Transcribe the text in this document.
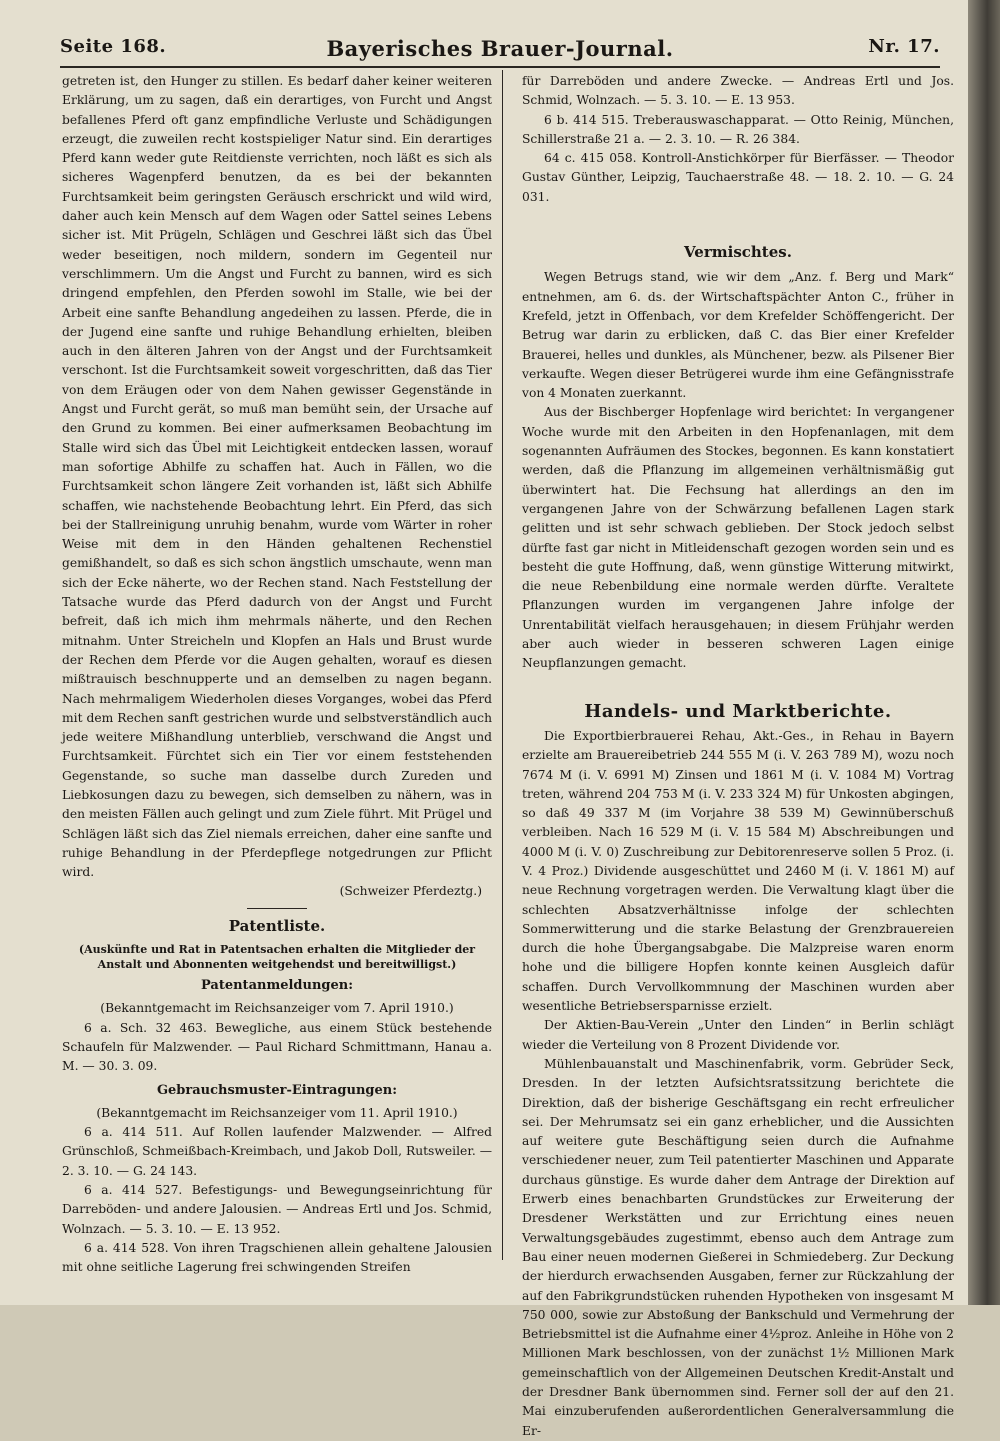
Seite 168.	Bayerisches Brauer-Journal.	Nr. 17.

getreten ist, den Hunger zu stillen. Es bedarf daher keiner weiteren Erklärung, um zu sagen, daß ein derartiges, von Furcht und Angst befallenes Pferd oft ganz empfindliche Verluste und Schädigungen erzeugt, die zuweilen recht kostspieliger Natur sind. Ein derartiges Pferd kann weder gute Reitdienste verrichten, noch läßt es sich als sicheres Wagenpferd benutzen, da es bei der bekannten Furchtsamkeit beim geringsten Geräusch erschrickt und wild wird, daher auch kein Mensch auf dem Wagen oder Sattel seines Lebens sicher ist. Mit Prügeln, Schlägen und Geschrei läßt sich das Übel weder beseitigen, noch mildern, sondern im Gegenteil nur verschlimmern. Um die Angst und Furcht zu bannen, wird es sich dringend empfehlen, den Pferden sowohl im Stalle, wie bei der Arbeit eine sanfte Behandlung angedeihen zu lassen. Pferde, die in der Jugend eine sanfte und ruhige Behandlung erhielten, bleiben auch in den älteren Jahren von der Angst und der Furchtsamkeit verschont. Ist die Furchtsamkeit soweit vorgeschritten, daß das Tier von dem Eräugen oder von dem Nahen gewisser Gegenstände in Angst und Furcht gerät, so muß man bemüht sein, der Ursache auf den Grund zu kommen. Bei einer aufmerksamen Beobachtung im Stalle wird sich das Übel mit Leichtigkeit entdecken lassen, worauf man sofortige Abhilfe zu schaffen hat. Auch in Fällen, wo die Furchtsamkeit schon längere Zeit vorhanden ist, läßt sich Abhilfe schaffen, wie nachstehende Beobachtung lehrt. Ein Pferd, das sich bei der Stallreinigung unruhig benahm, wurde vom Wärter in roher Weise mit dem in den Händen gehaltenen Rechenstiel gemißhandelt, so daß es sich schon ängstlich umschaute, wenn man sich der Ecke näherte, wo der Rechen stand. Nach Feststellung der Tatsache wurde das Pferd dadurch von der Angst und Furcht befreit, daß ich mich ihm mehrmals näherte, und den Rechen mitnahm. Unter Streicheln und Klopfen an Hals und Brust wurde der Rechen dem Pferde vor die Augen gehalten, worauf es diesen mißtrauisch beschnupperte und an demselben zu nagen begann. Nach mehrmaligem Wiederholen dieses Vorganges, wobei das Pferd mit dem Rechen sanft gestrichen wurde und selbstverständlich auch jede weitere Mißhandlung unterblieb, verschwand die Angst und Furchtsamkeit. Fürchtet sich ein Tier vor einem feststehenden Gegenstande, so suche man dasselbe durch Zureden und Liebkosungen dazu zu bewegen, sich demselben zu nähern, was in den meisten Fällen auch gelingt und zum Ziele führt. Mit Prügel und Schlägen läßt sich das Ziel niemals erreichen, daher eine sanfte und ruhige Behandlung in der Pferdepflege notgedrungen zur Pflicht wird.

(Schweizer Pferdeztg.)

Patentliste.
(Auskünfte und Rat in Patentsachen erhalten die Mitglieder der Anstalt und Abonnenten weitgehendst und bereitwilligst.)
Patentanmeldungen:

(Bekanntgemacht im Reichsanzeiger vom 7. April 1910.)

6 a. Sch. 32 463. Bewegliche, aus einem Stück bestehende Schaufeln für Malzwender. — Paul Richard Schmittmann, Hanau a. M. — 30. 3. 09.

Gebrauchsmuster-Eintragungen:

(Bekanntgemacht im Reichsanzeiger vom 11. April 1910.)

6 a. 414 511. Auf Rollen laufender Malzwender. — Alfred Grünschloß, Schmeißbach-Kreimbach, und Jakob Doll, Rutsweiler. — 2. 3. 10. — G. 24 143.

6 a. 414 527. Befestigungs- und Bewegungseinrichtung für Darreböden- und andere Jalousien. — Andreas Ertl und Jos. Schmid, Wolnzach. — 5. 3. 10. — E. 13 952.

6 a. 414 528. Von ihren Tragschienen allein gehaltene Jalousien mit ohne seitliche Lagerung frei schwingenden Streifen

für Darreböden und andere Zwecke. — Andreas Ertl und Jos. Schmid, Wolnzach. — 5. 3. 10. — E. 13 953.

6 b. 414 515. Treberauswaschapparat. — Otto Reinig, München, Schillerstraße 21 a. — 2. 3. 10. — R. 26 384.

64 c. 415 058. Kontroll-Anstichkörper für Bierfässer. — Theodor Gustav Günther, Leipzig, Tauchaerstraße 48. — 18. 2. 10. — G. 24 031.

Vermischtes.

Wegen Betrugs stand, wie wir dem „Anz. f. Berg und Mark“ entnehmen, am 6. ds. der Wirtschaftspächter Anton C., früher in Krefeld, jetzt in Offenbach, vor dem Krefelder Schöffengericht. Der Betrug war darin zu erblicken, daß C. das Bier einer Krefelder Brauerei, helles und dunkles, als Münchener, bezw. als Pilsener Bier verkaufte. Wegen dieser Betrügerei wurde ihm eine Gefängnisstrafe von 4 Monaten zuerkannt.

Aus der Bischberger Hopfenlage wird berichtet: In vergangener Woche wurde mit den Arbeiten in den Hopfenanlagen, mit dem sogenannten Aufräumen des Stockes, begonnen. Es kann konstatiert werden, daß die Pflanzung im allgemeinen verhältnismäßig gut überwintert hat. Die Fechsung hat allerdings an den im vergangenen Jahre von der Schwärzung befallenen Lagen stark gelitten und ist sehr schwach geblieben. Der Stock jedoch selbst dürfte fast gar nicht in Mitleidenschaft gezogen worden sein und es besteht die gute Hoffnung, daß, wenn günstige Witterung mitwirkt, die neue Rebenbildung eine normale werden dürfte. Veraltete Pflanzungen wurden im vergangenen Jahre infolge der Unrentabilität vielfach herausgehauen; in diesem Frühjahr werden aber auch wieder in besseren schweren Lagen einige Neupflanzungen gemacht.

Handels- und Marktberichte.

Die Exportbierbrauerei Rehau, Akt.-Ges., in Rehau in Bayern erzielte am Brauereibetrieb 244 555 M (i. V. 263 789 M), wozu noch 7674 M (i. V. 6991 M) Zinsen und 1861 M (i. V. 1084 M) Vortrag treten, während 204 753 M (i. V. 233 324 M) für Unkosten abgingen, so daß 49 337 M (im Vorjahre 38 539 M) Gewinnüberschuß verbleiben. Nach 16 529 M (i. V. 15 584 M) Abschreibungen und 4000 M (i. V. 0) Zuschreibung zur Debitorenreserve sollen 5 Proz. (i. V. 4 Proz.) Dividende ausgeschüttet und 2460 M (i. V. 1861 M) auf neue Rechnung vorgetragen werden. Die Verwaltung klagt über die schlechten Absatzverhältnisse infolge der schlechten Sommerwitterung und die starke Belastung der Grenzbrauereien durch die hohe Übergangsabgabe. Die Malzpreise waren enorm hohe und die billigere Hopfen konnte keinen Ausgleich dafür schaffen. Durch Vervollkommnung der Maschinen wurden aber wesentliche Betriebsersparnisse erzielt.

Der Aktien-Bau-Verein „Unter den Linden“ in Berlin schlägt wieder die Verteilung von 8 Prozent Dividende vor.

Mühlenbauanstalt und Maschinenfabrik, vorm. Gebrüder Seck, Dresden. In der letzten Aufsichtsratssitzung berichtete die Direktion, daß der bisherige Geschäftsgang ein recht erfreulicher sei. Der Mehrumsatz sei ein ganz erheblicher, und die Aussichten auf weitere gute Beschäftigung seien durch die Aufnahme verschiedener neuer, zum Teil patentierter Maschinen und Apparate durchaus günstige. Es wurde daher dem Antrage der Direktion auf Erwerb eines benachbarten Grundstückes zur Erweiterung der Dresdener Werkstätten und zur Errichtung eines neuen Verwaltungsgebäudes zugestimmt, ebenso auch dem Antrage zum Bau einer neuen modernen Gießerei in Schmiedeberg. Zur Deckung der hierdurch erwachsenden Ausgaben, ferner zur Rückzahlung der auf den Fabrikgrundstücken ruhenden Hypotheken von insgesamt M 750 000, sowie zur Abstoßung der Bankschuld und Vermehrung der Betriebsmittel ist die Aufnahme einer 4½proz. Anleihe in Höhe von 2 Millionen Mark beschlossen, von der zunächst 1½ Millionen Mark gemeinschaftlich von der Allgemeinen Deutschen Kredit-Anstalt und der Dresdner Bank übernommen sind. Ferner soll der auf den 21. Mai einzuberufenden außerordentlichen Generalversammlung die Er-
